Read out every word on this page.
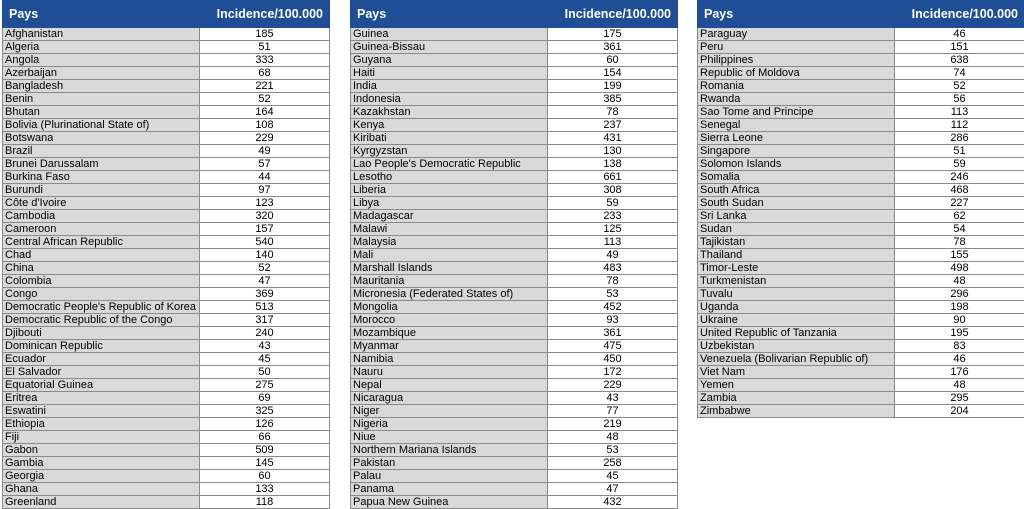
Pays	Incidence/100.000
Afghanistan	185
Algeria	51
Angola	333
Azerbaijan	68
Bangladesh	221
Benin	52
Bhutan	164
Bolivia (Plurinational State of)	108
Botswana	229
Brazil	49
Brunei Darussalam	57
Burkina Faso	44
Burundi	97
Côte d'Ivoire	123
Cambodia	320
Cameroon	157
Central African Republic	540
Chad	140
China	52
Colombia	47
Congo	369
Democratic People's Republic of Korea	513
Democratic Republic of the Congo	317
Djibouti	240
Dominican Republic	43
Ecuador	45
El Salvador	50
Equatorial Guinea	275
Eritrea	69
Eswatini	325
Ethiopia	126
Fiji	66
Gabon	509
Gambia	145
Georgia	60
Ghana	133
Greenland	118
Pays	Incidence/100.000
Guinea	175
Guinea-Bissau	361
Guyana	60
Haiti	154
India	199
Indonesia	385
Kazakhstan	78
Kenya	237
Kiribati	431
Kyrgyzstan	130
Lao People's Democratic Republic	138
Lesotho	661
Liberia	308
Libya	59
Madagascar	233
Malawi	125
Malaysia	113
Mali	49
Marshall Islands	483
Mauritania	78
Micronesia (Federated States of)	53
Mongolia	452
Morocco	93
Mozambique	361
Myanmar	475
Namibia	450
Nauru	172
Nepal	229
Nicaragua	43
Niger	77
Nigeria	219
Niue	48
Northern Mariana Islands	53
Pakistan	258
Palau	45
Panama	47
Papua New Guinea	432
Pays	Incidence/100.000
Paraguay	46
Peru	151
Philippines	638
Republic of Moldova	74
Romania	52
Rwanda	56
Sao Tome and Principe	113
Senegal	112
Sierra Leone	286
Singapore	51
Solomon Islands	59
Somalia	246
South Africa	468
South Sudan	227
Sri Lanka	62
Sudan	54
Tajikistan	78
Thailand	155
Timor-Leste	498
Turkmenistan	48
Tuvalu	296
Uganda	198
Ukraine	90
United Republic of Tanzania	195
Uzbekistan	83
Venezuela (Bolivarian Republic of)	46
Viet Nam	176
Yemen	48
Zambia	295
Zimbabwe	204
